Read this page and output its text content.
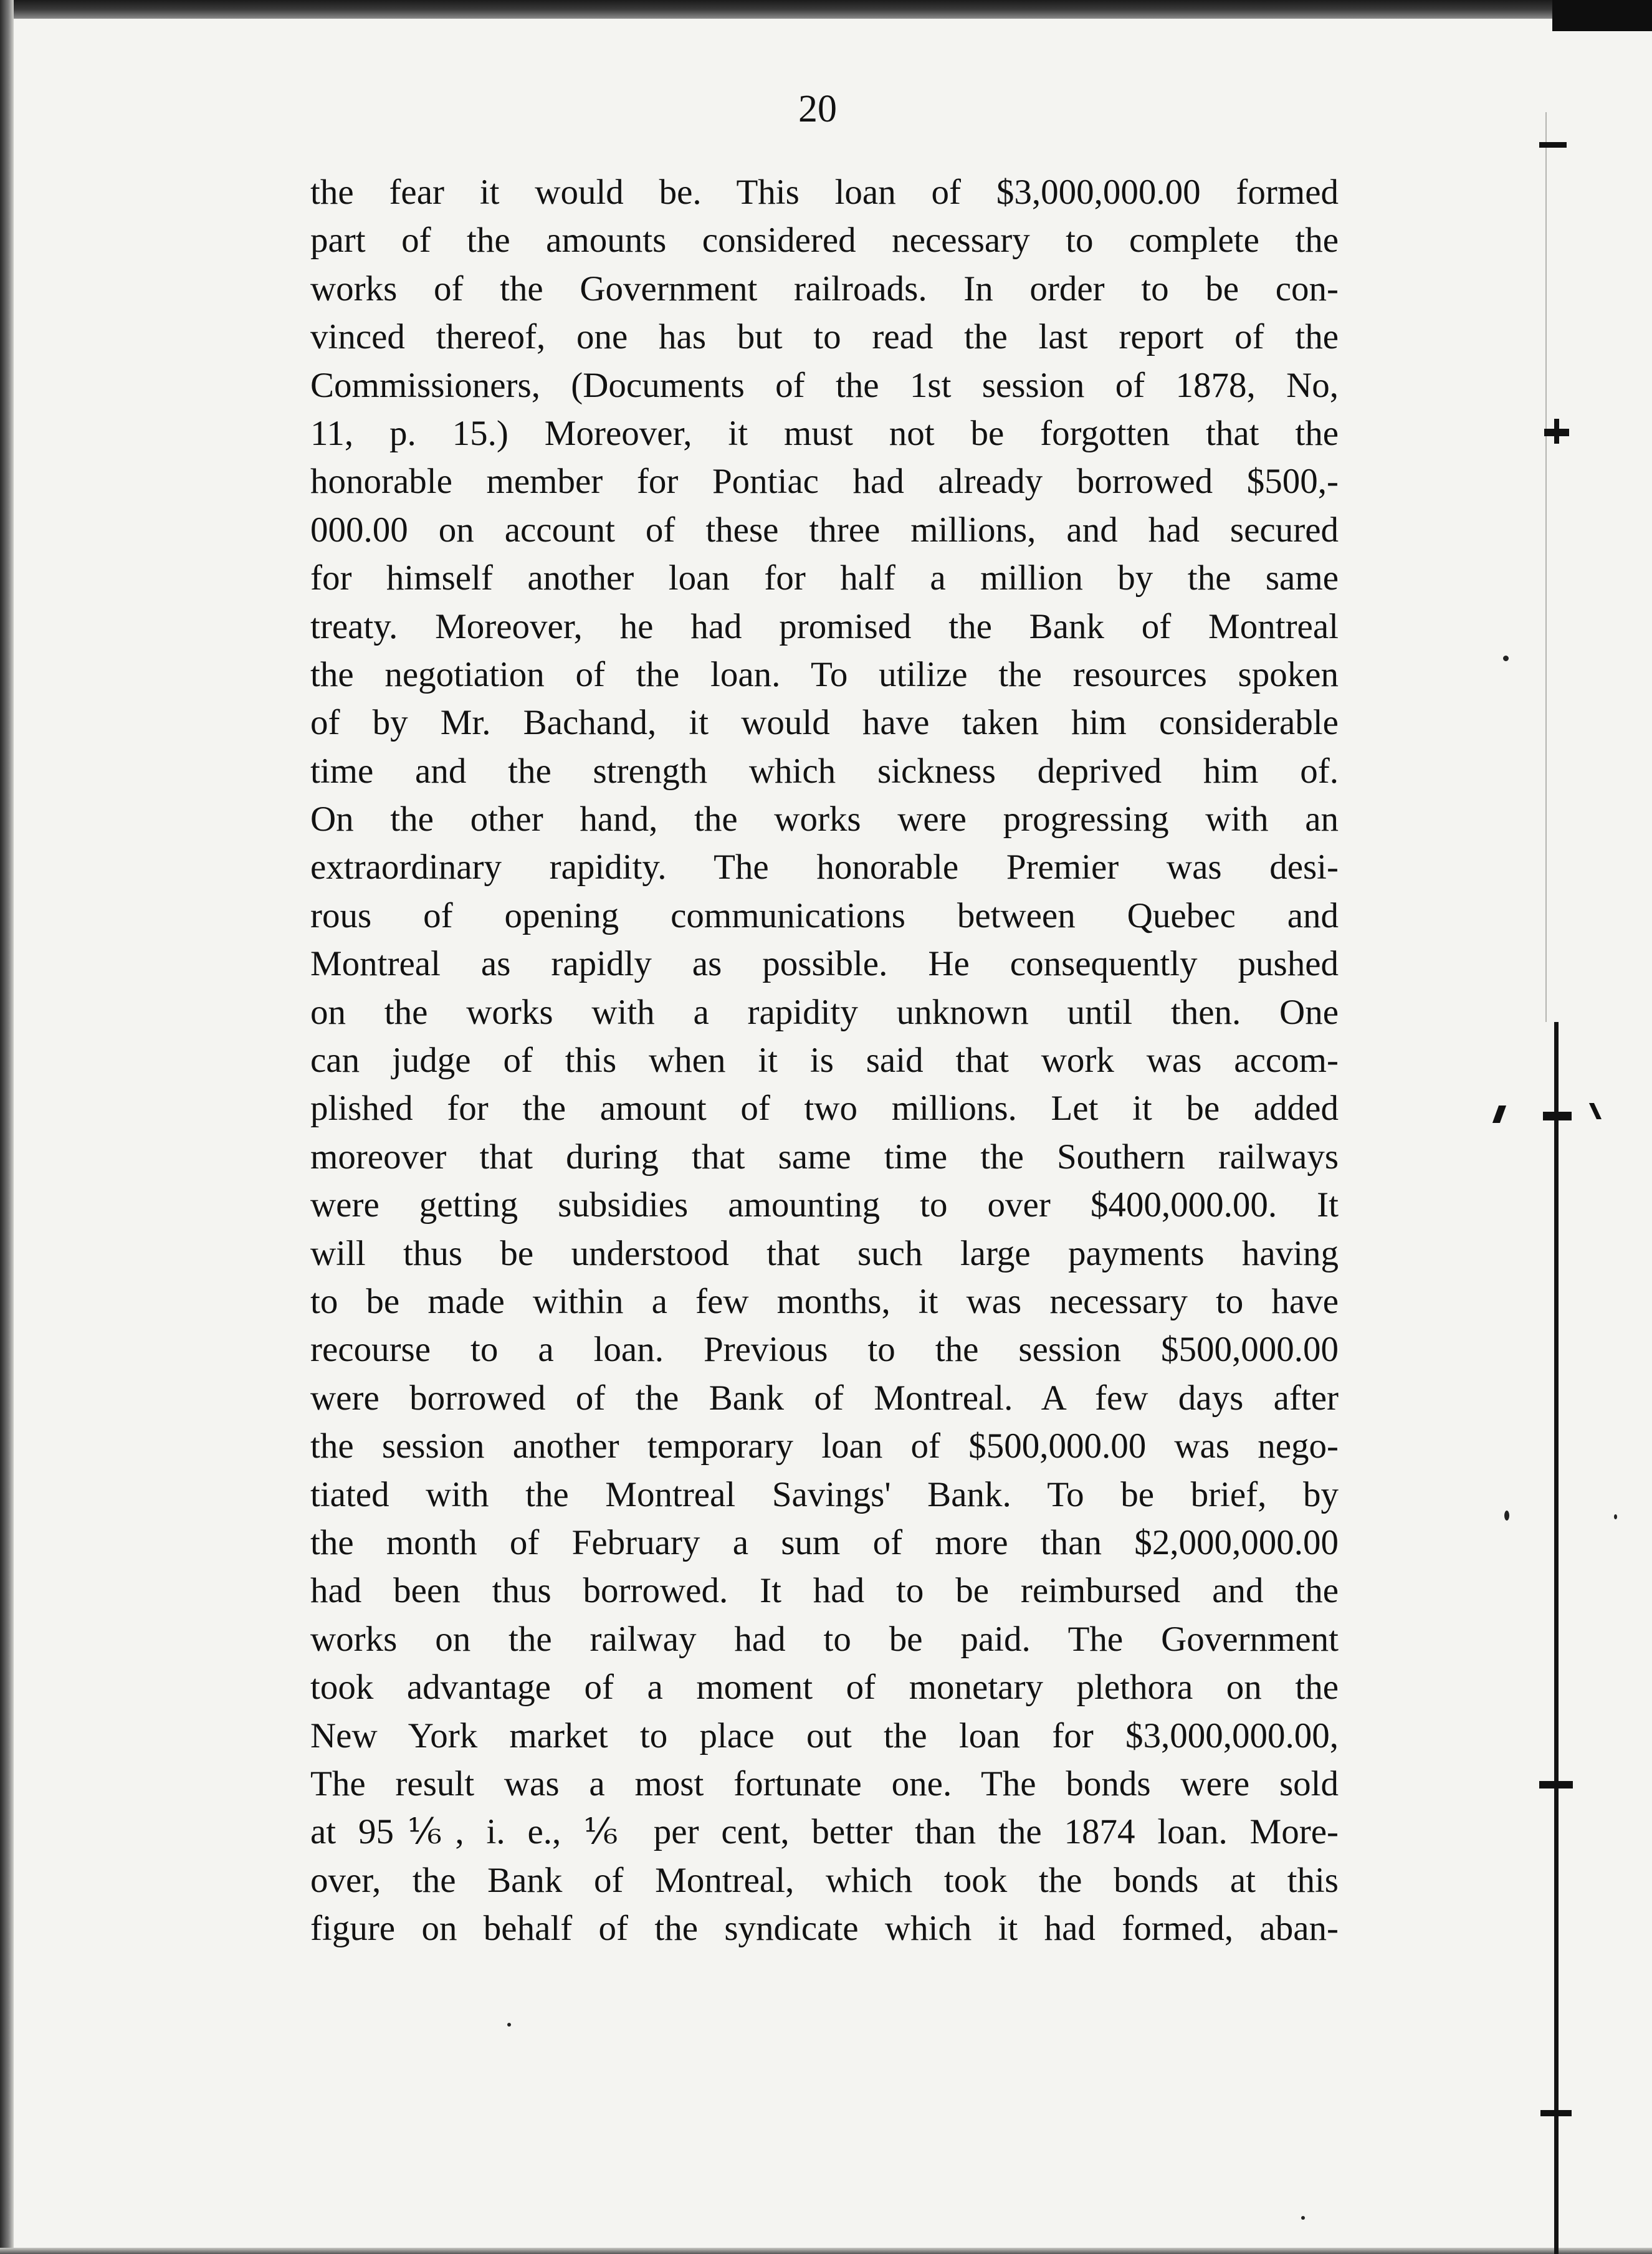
20
the fear it would be. This loan of $3,000,000.00 formed
part of the amounts considered necessary to complete the
works of the Government railroads. In order to be con-
vinced thereof, one has but to read the last report of the
Commissioners, (Documents of the 1st session of 1878, No,
11, p. 15.) Moreover, it must not be forgotten that the
honorable member for Pontiac had already borrowed $500,-
000.00 on account of these three millions, and had secured
for himself another loan for half a million by the same
treaty. Moreover, he had promised the Bank of Montreal
the negotiation of the loan. To utilize the resources spoken
of by Mr. Bachand, it would have taken him considerable
time and the strength which sickness deprived him of.
On the other hand, the works were progressing with an
extraordinary rapidity. The honorable Premier was desi-
rous of opening communications between Quebec and
Montreal as rapidly as possible. He consequently pushed
on the works with a rapidity unknown until then. One
can judge of this when it is said that work was accom-
plished for the amount of two millions. Let it be added
moreover that during that same time the Southern railways
were getting subsidies amounting to over $400,000.00. It
will thus be understood that such large payments having
to be made within a few months, it was necessary to have
recourse to a loan. Previous to the session $500,000.00
were borrowed of the Bank of Montreal. A few days after
the session another temporary loan of $500,000.00 was nego-
tiated with the Montreal Savings' Bank. To be brief, by
the month of February a sum of more than $2,000,000.00
had been thus borrowed. It had to be reimbursed and the
works on the railway had to be paid. The Government
took advantage of a moment of monetary plethora on the
New York market to place out the loan for $3,000,000.00,
The result was a most fortunate one. The bonds were sold
at 95⅙, i. e., ⅙ per cent, better than the 1874 loan. More-
over, the Bank of Montreal, which took the bonds at this
figure on behalf of the syndicate which it had formed, aban-
